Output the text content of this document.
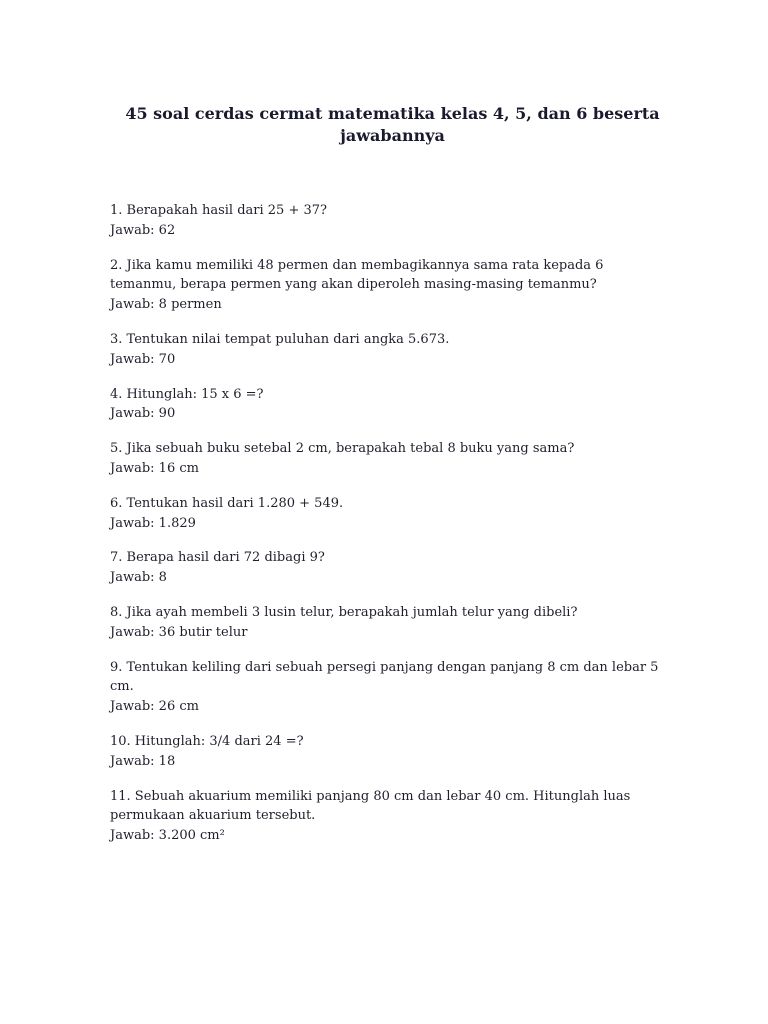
45 soal cerdas cermat matematika kelas 4, 5, dan 6 beserta jawabannya
1. Berapakah hasil dari 25 + 37?
Jawab: 62
2. Jika kamu memiliki 48 permen dan membagikannya sama rata kepada 6 temanmu, berapa permen yang akan diperoleh masing-masing temanmu?
Jawab: 8 permen
3. Tentukan nilai tempat puluhan dari angka 5.673.
Jawab: 70
4. Hitunglah: 15 x 6 =?
Jawab: 90
5. Jika sebuah buku setebal 2 cm, berapakah tebal 8 buku yang sama?
Jawab: 16 cm
6. Tentukan hasil dari 1.280 + 549.
Jawab: 1.829
7. Berapa hasil dari 72 dibagi 9?
Jawab: 8
8. Jika ayah membeli 3 lusin telur, berapakah jumlah telur yang dibeli?
Jawab: 36 butir telur
9. Tentukan keliling dari sebuah persegi panjang dengan panjang 8 cm dan lebar 5 cm.
Jawab: 26 cm
10. Hitunglah: 3/4 dari 24 =?
Jawab: 18
11. Sebuah akuarium memiliki panjang 80 cm dan lebar 40 cm. Hitunglah luas permukaan akuarium tersebut.
Jawab: 3.200 cm²
